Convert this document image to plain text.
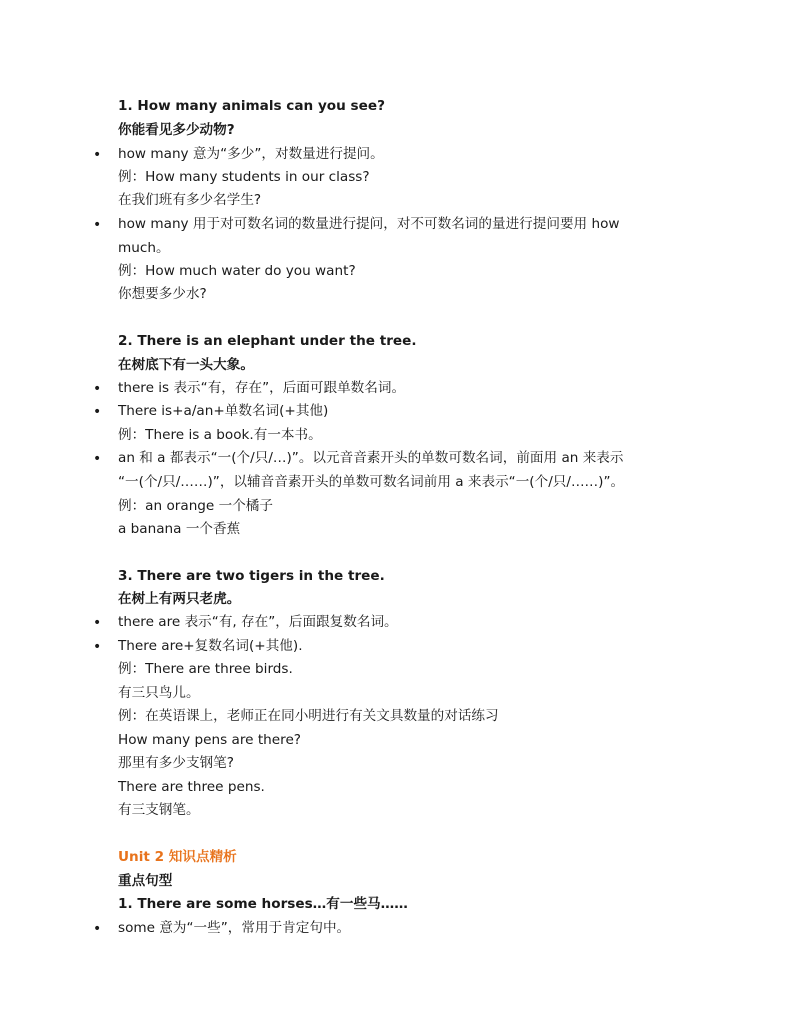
1. How many animals can you see?
你能看见多少动物?
• how many 意为“多少”，对数量进行提问。
例：How many students in our class?
在我们班有多少名学生?
• how many 用于对可数名词的数量进行提问，对不可数名词的量进行提问要用 how
much。
例：How much water do you want?
你想要多少水?
2. There is an elephant under the tree.
在树底下有一头大象。
• there is 表示“有，存在”，后面可跟单数名词。
• There is+a/an+单数名词(+其他)
例：There is a book.有一本书。
• an 和 a 都表示“一(个/只/…)”。以元音音素开头的单数可数名词，前面用 an 来表示
“一(个/只/……)”，以辅音音素开头的单数可数名词前用 a 来表示“一(个/只/……)”。
例：an orange 一个橘子
a banana 一个香蕉
3. There are two tigers in the tree.
在树上有两只老虎。
• there are 表示“有, 存在”，后面跟复数名词。
• There are+复数名词(+其他).
例：There are three birds.
有三只鸟儿。
例：在英语课上，老师正在同小明进行有关文具数量的对话练习
How many pens are there?
那里有多少支钢笔?
There are three pens.
有三支钢笔。
Unit 2 知识点精析
重点句型
1. There are some horses…有一些马……
• some 意为“一些”，常用于肯定句中。
